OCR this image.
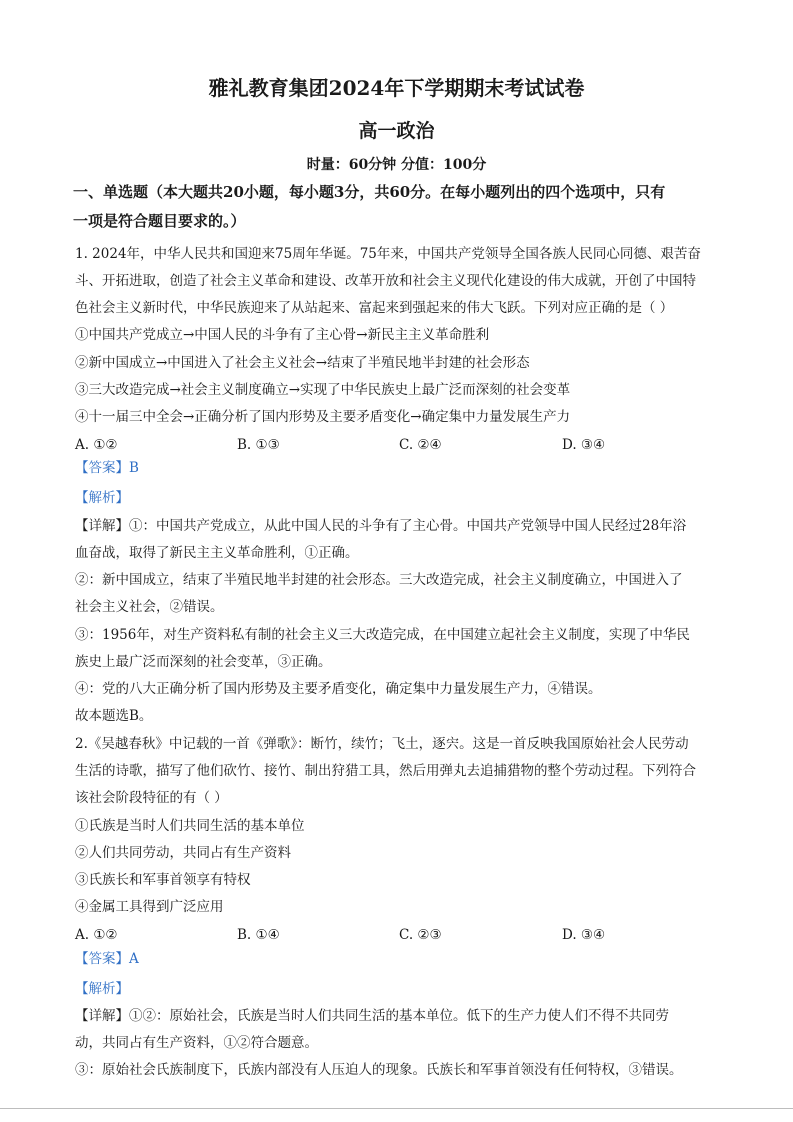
雅礼教育集团2024年下学期期末考试试卷
高一政治
时量：60分钟 分值：100分
一、单选题（本大题共20小题，每小题3分，共60分。在每小题列出的四个选项中，只有
一项是符合题目要求的。）
1. 2024年，中华人民共和国迎来75周年华诞。75年来，中国共产党领导全国各族人民同心同德、艰苦奋
斗、开拓进取，创造了社会主义革命和建设、改革开放和社会主义现代化建设的伟大成就，开创了中国特
色社会主义新时代，中华民族迎来了从站起来、富起来到强起来的伟大飞跃。下列对应正确的是（ ）
①中国共产党成立→中国人民的斗争有了主心骨→新民主主义革命胜利
②新中国成立→中国进入了社会主义社会→结束了半殖民地半封建的社会形态
③三大改造完成→社会主义制度确立→实现了中华民族史上最广泛而深刻的社会变革
④十一届三中全会→正确分析了国内形势及主要矛盾变化→确定集中力量发展生产力
A. ①②	B. ①③	C. ②④	D. ③④
【答案】B
【解析】
【详解】①：中国共产党成立，从此中国人民的斗争有了主心骨。中国共产党领导中国人民经过28年浴
血奋战，取得了新民主主义革命胜利，①正确。
②：新中国成立，结束了半殖民地半封建的社会形态。三大改造完成，社会主义制度确立，中国进入了
社会主义社会，②错误。
③：1956年，对生产资料私有制的社会主义三大改造完成，在中国建立起社会主义制度，实现了中华民
族史上最广泛而深刻的社会变革，③正确。
④：党的八大正确分析了国内形势及主要矛盾变化，确定集中力量发展生产力，④错误。
故本题选B。
2.《吴越春秋》中记载的一首《弹歌》：断竹，续竹；飞土，逐宍。这是一首反映我国原始社会人民劳动
生活的诗歌，描写了他们砍竹、接竹、制出狩猎工具，然后用弹丸去追捕猎物的整个劳动过程。下列符合
该社会阶段特征的有（ ）
①氏族是当时人们共同生活的基本单位
②人们共同劳动，共同占有生产资料
③氏族长和军事首领享有特权
④金属工具得到广泛应用
A. ①②	B. ①④	C. ②③	D. ③④
【答案】A
【解析】
【详解】①②：原始社会，氏族是当时人们共同生活的基本单位。低下的生产力使人们不得不共同劳
动，共同占有生产资料，①②符合题意。
③：原始社会氏族制度下，氏族内部没有人压迫人的现象。氏族长和军事首领没有任何特权，③错误。
